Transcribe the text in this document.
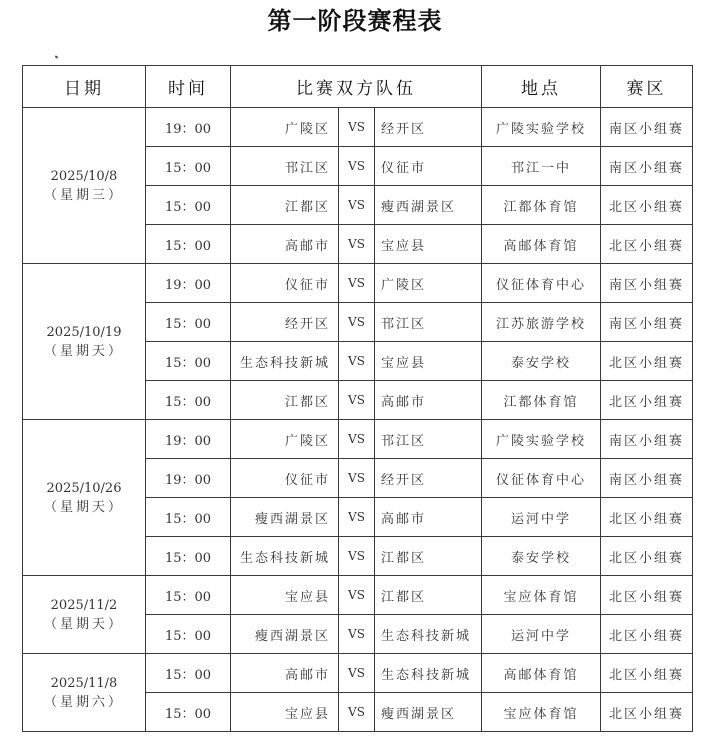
第一阶段赛程表
日期	时间	比赛双方队伍			地点	赛区

2025/10/8
（星期三）	19：00	广陵区	VS	经开区	广陵实验学校	南区小组赛
	15：00	邗江区	VS	仪征市	邗江一中	南区小组赛
	15：00	江都区	VS	瘦西湖景区	江都体育馆	北区小组赛
	15：00	高邮市	VS	宝应县	高邮体育馆	北区小组赛

2025/10/19
（星期天）	19：00	仪征市	VS	广陵区	仪征体育中心	南区小组赛
	15：00	经开区	VS	邗江区	江苏旅游学校	南区小组赛
	15：00	生态科技新城	VS	宝应县	泰安学校	北区小组赛
	15：00	江都区	VS	高邮市	江都体育馆	北区小组赛

2025/10/26
（星期天）	19：00	广陵区	VS	邗江区	广陵实验学校	南区小组赛
	19：00	仪征市	VS	经开区	仪征体育中心	南区小组赛
	15：00	瘦西湖景区	VS	高邮市	运河中学	北区小组赛
	15：00	生态科技新城	VS	江都区	泰安学校	北区小组赛

2025/11/2
（星期天）	15：00	宝应县	VS	江都区	宝应体育馆	北区小组赛
	15：00	瘦西湖景区	VS	生态科技新城	运河中学	北区小组赛

2025/11/8
（星期六）	15：00	高邮市	VS	生态科技新城	高邮体育馆	北区小组赛
	15：00	宝应县	VS	瘦西湖景区	宝应体育馆	北区小组赛
